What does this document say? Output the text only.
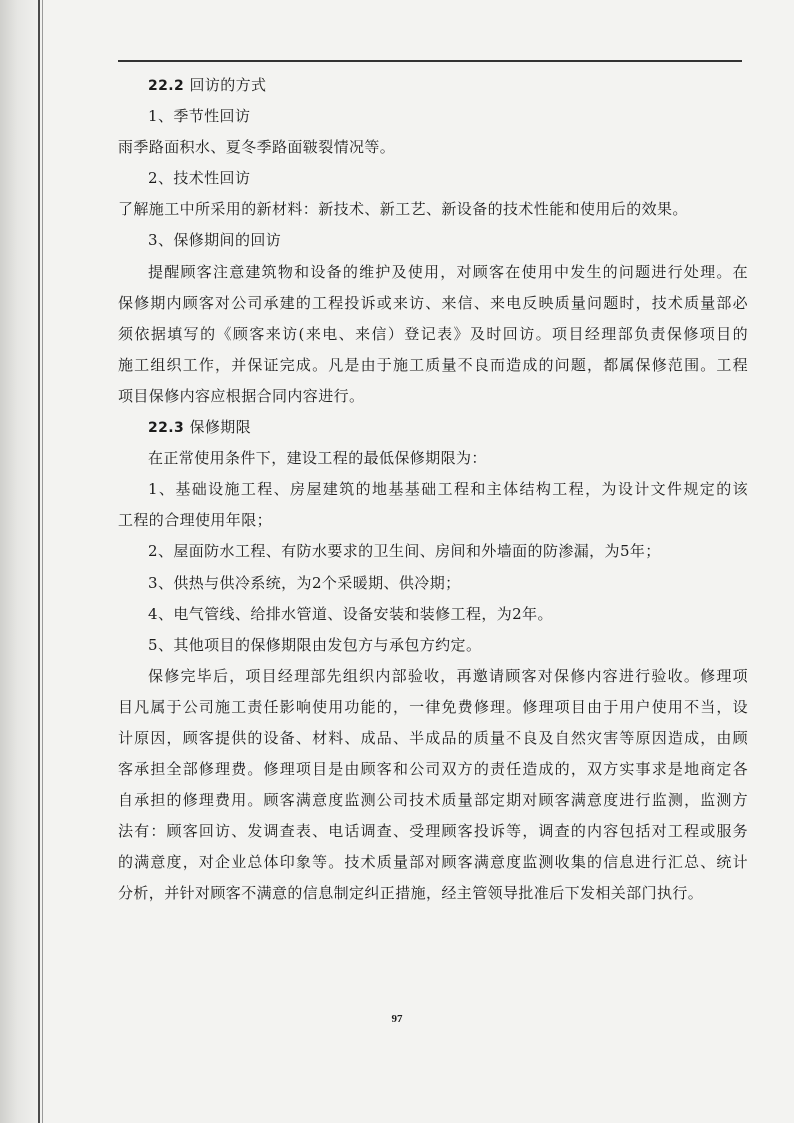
22.2 回访的方式
1、季节性回访
雨季路面积水、夏冬季路面皲裂情况等。
2、技术性回访
了解施工中所采用的新材料：新技术、新工艺、新设备的技术性能和使用后的效果。
3、保修期间的回访
提醒顾客注意建筑物和设备的维护及使用，对顾客在使用中发生的问题进行处理。在
保修期内顾客对公司承建的工程投诉或来访、来信、来电反映质量问题时，技术质量部必
须依据填写的《顾客来访(来电、来信）登记表》及时回访。项目经理部负责保修项目的
施工组织工作，并保证完成。凡是由于施工质量不良而造成的问题，都属保修范围。工程
项目保修内容应根据合同内容进行。
22.3 保修期限
在正常使用条件下，建设工程的最低保修期限为：
1、基础设施工程、房屋建筑的地基基础工程和主体结构工程，为设计文件规定的该
工程的合理使用年限；
2、屋面防水工程、有防水要求的卫生间、房间和外墙面的防渗漏，为5年；
3、供热与供冷系统，为2个采暖期、供冷期；
4、电气管线、给排水管道、设备安装和装修工程，为2年。
5、其他项目的保修期限由发包方与承包方约定。
保修完毕后，项目经理部先组织内部验收，再邀请顾客对保修内容进行验收。修理项
目凡属于公司施工责任影响使用功能的，一律免费修理。修理项目由于用户使用不当，设
计原因，顾客提供的设备、材料、成品、半成品的质量不良及自然灾害等原因造成，由顾
客承担全部修理费。修理项目是由顾客和公司双方的责任造成的，双方实事求是地商定各
自承担的修理费用。顾客满意度监测公司技术质量部定期对顾客满意度进行监测，监测方
法有：顾客回访、发调查表、电话调查、受理顾客投诉等，调查的内容包括对工程或服务
的满意度，对企业总体印象等。技术质量部对顾客满意度监测收集的信息进行汇总、统计
分析，并针对顾客不满意的信息制定纠正措施，经主管领导批准后下发相关部门执行。
97
